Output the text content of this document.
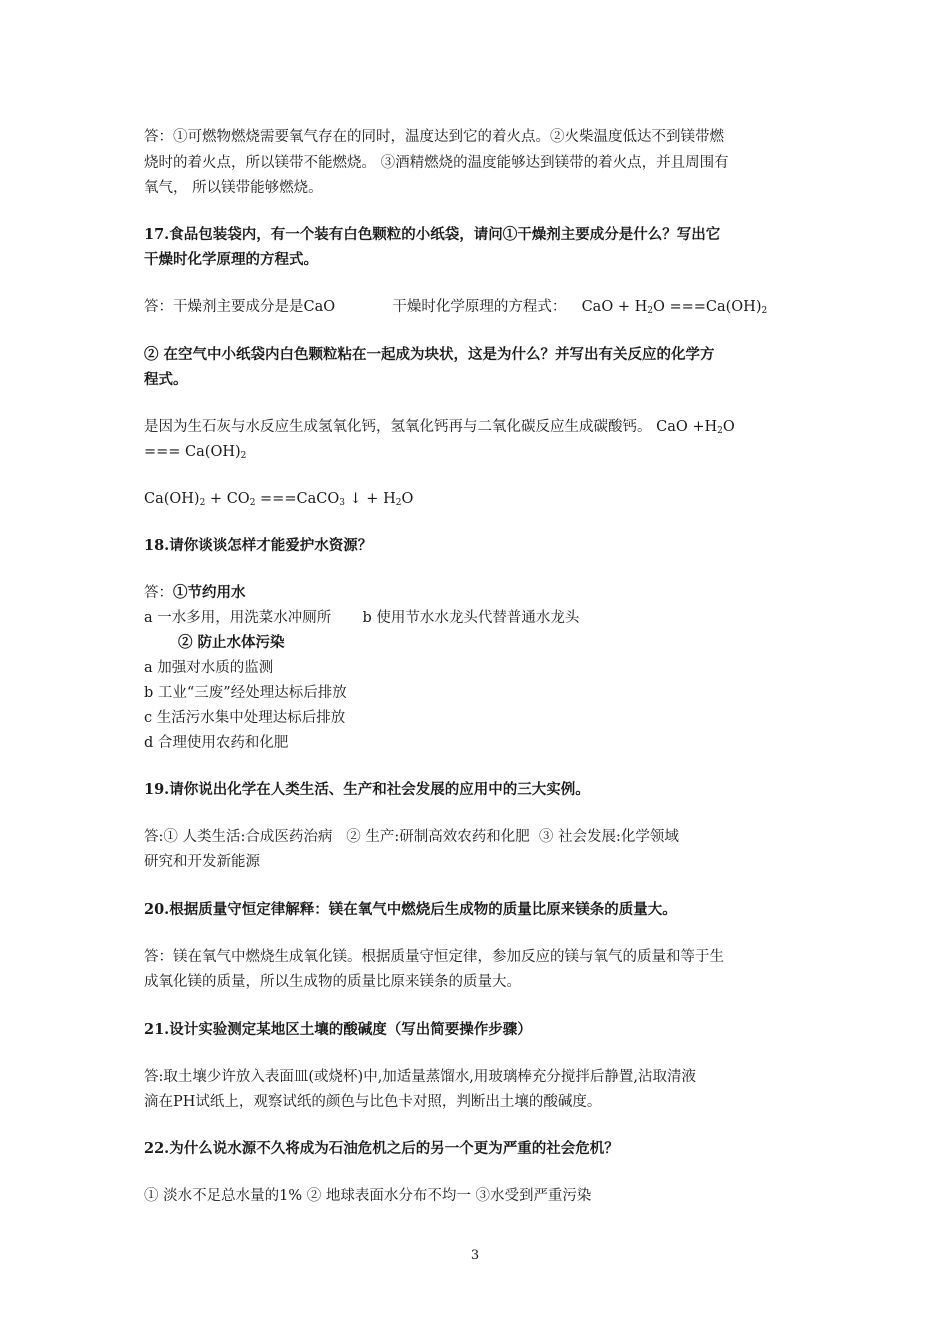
答：①可燃物燃烧需要氧气存在的同时，温度达到它的着火点。②火柴温度低达不到镁带燃
烧时的着火点，所以镁带不能燃烧。 ③酒精燃烧的温度能够达到镁带的着火点，并且周围有
氧气， 所以镁带能够燃烧。
17.食品包装袋内，有一个装有白色颗粒的小纸袋，请问①干燥剂主要成分是什么？写出它
干燥时化学原理的方程式。
答：干燥剂主要成分是是CaO	干燥时化学原理的方程式： CaO + $H_2O ===Ca(OH)_2$
② 在空气中小纸袋内白色颗粒粘在一起成为块状，这是为什么？并写出有关反应的化学方
程式。
是因为生石灰与水反应生成氢氧化钙，氢氧化钙再与二氧化碳反应生成碳酸钙。 CaO $+H_2O$
=== $Ca(OH)_2$
$Ca(OH)_2 + CO_2$ ===CaCO$_3$ ↓ + $H_2O$
18.请你谈谈怎样才能爱护水资源？
答：①节约用水
a 一水多用，用洗菜水冲厕所 b 使用节水水龙头代替普通水龙头
② 防止水体污染
a 加强对水质的监测
b 工业“三废”经处理达标后排放
c 生活污水集中处理达标后排放
d 合理使用农药和化肥
19.请你说出化学在人类生活、生产和社会发展的应用中的三大实例。
答:① 人类生活:合成医药治病   ② 生产:研制高效农药和化肥  ③ 社会发展:化学领域
研究和开发新能源
20.根据质量守恒定律解释：镁在氧气中燃烧后生成物的质量比原来镁条的质量大。
答：镁在氧气中燃烧生成氧化镁。根据质量守恒定律，参加反应的镁与氧气的质量和等于生
成氧化镁的质量，所以生成物的质量比原来镁条的质量大。
21.设计实验测定某地区土壤的酸碱度（写出简要操作步骤）
答:取土壤少许放入表面皿(或烧杯)中,加适量蒸馏水,用玻璃棒充分搅拌后静置,沾取清液
滴在PH试纸上，观察试纸的颜色与比色卡对照，判断出土壤的酸碱度。
22.为什么说水源不久将成为石油危机之后的另一个更为严重的社会危机？
① 淡水不足总水量的1% ② 地球表面水分布不均一 ③水受到严重污染
3
